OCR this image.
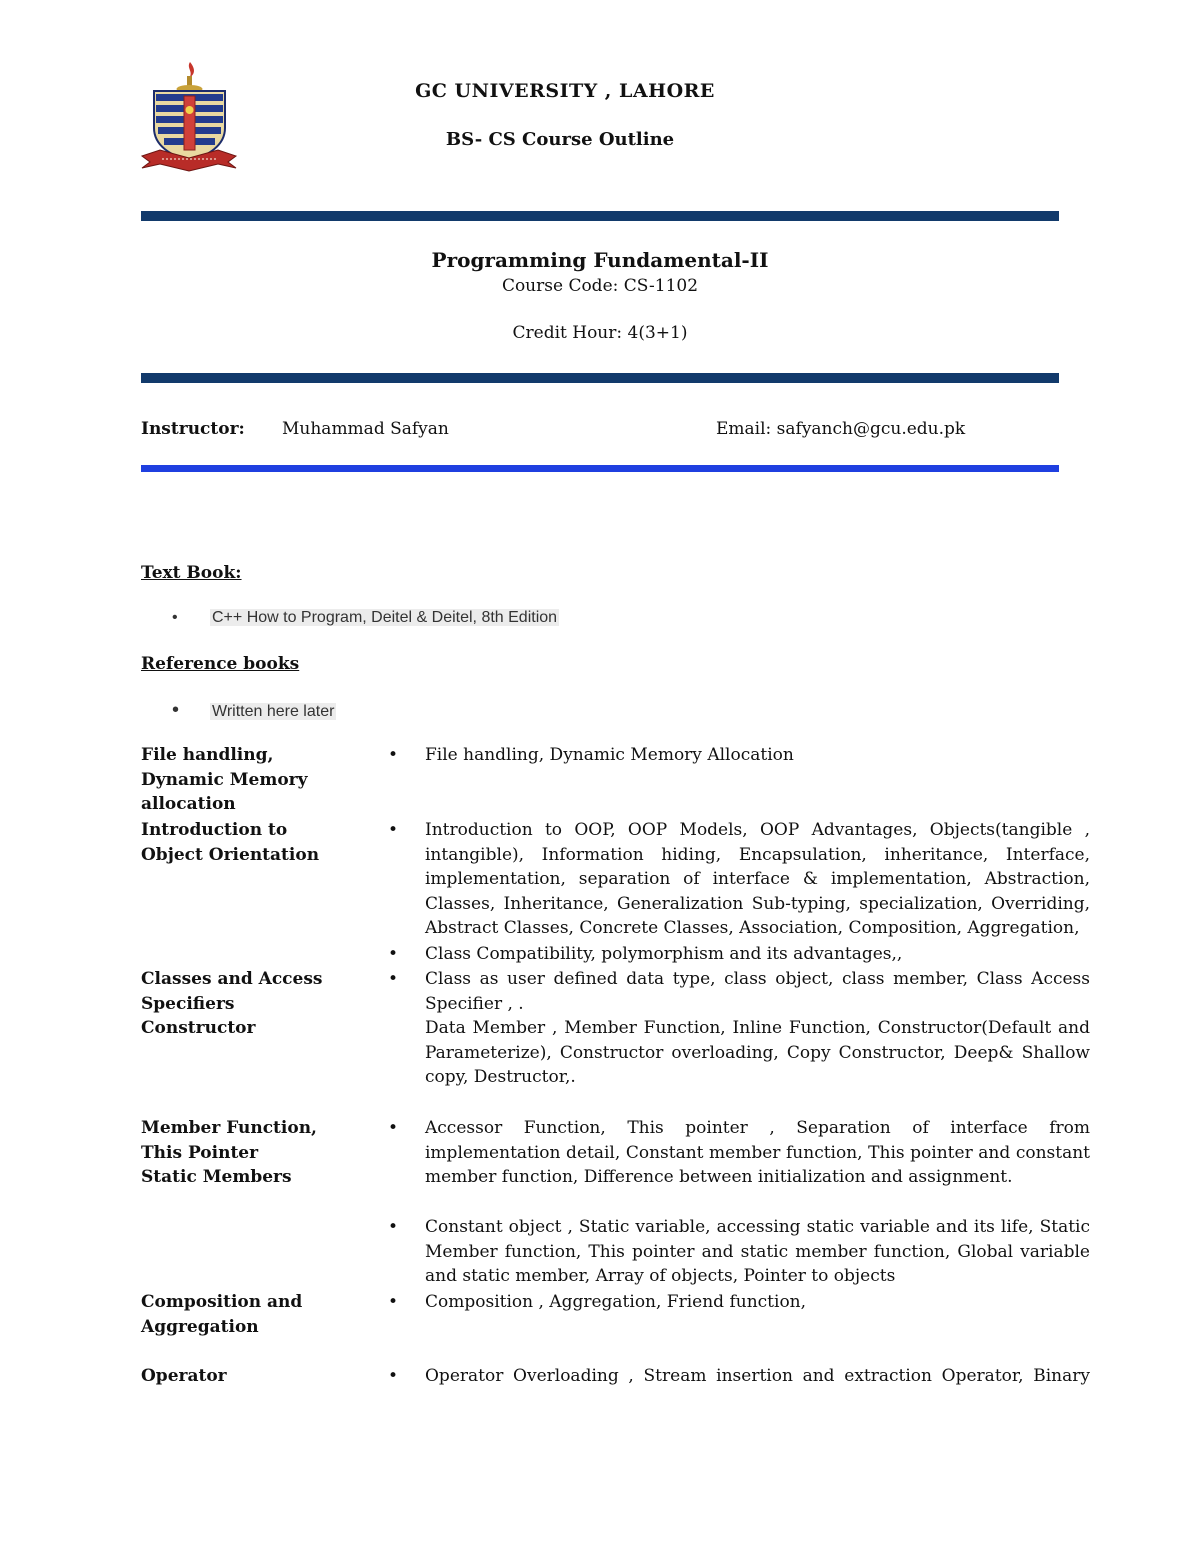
GC UNIVERSITY , LAHORE
BS- CS Course Outline
Programming Fundamental-II
Course Code: CS-1102
Credit Hour: 4(3+1)
Instructor: Muhammad Safyan	Email: safyanch@gcu.edu.pk
Text Book:
• C++ How to Program, Deitel & Deitel, 8th Edition
Reference books
• Written here later
File handling,
Dynamic Memory
allocation
• File handling, Dynamic Memory Allocation
Introduction to
Object Orientation
• Introduction to OOP, OOP Models, OOP Advantages, Objects(tangible , intangible), Information hiding, Encapsulation, inheritance, Interface, implementation, separation of interface & implementation, Abstraction, Classes, Inheritance, Generalization Sub-typing, specialization, Overriding, Abstract Classes, Concrete Classes, Association, Composition, Aggregation,
• Class Compatibility, polymorphism and its advantages,,
Classes and Access
Specifiers
Constructor
• Class as user defined data type, class object, class member, Class Access Specifier , .
Data Member , Member Function, Inline Function, Constructor(Default and Parameterize), Constructor overloading, Copy Constructor, Deep& Shallow copy, Destructor,.
Member Function,
This Pointer
Static Members
• Accessor Function, This pointer , Separation of interface from implementation detail, Constant member function, This pointer and constant member function, Difference between initialization and assignment.
• Constant object , Static variable, accessing static variable and its life, Static Member function, This pointer and static member function, Global variable and static member, Array of objects, Pointer to objects
Composition and
Aggregation
• Composition , Aggregation, Friend function,
Operator
•	Operator Overloading , Stream insertion and extraction Operator, Binary
